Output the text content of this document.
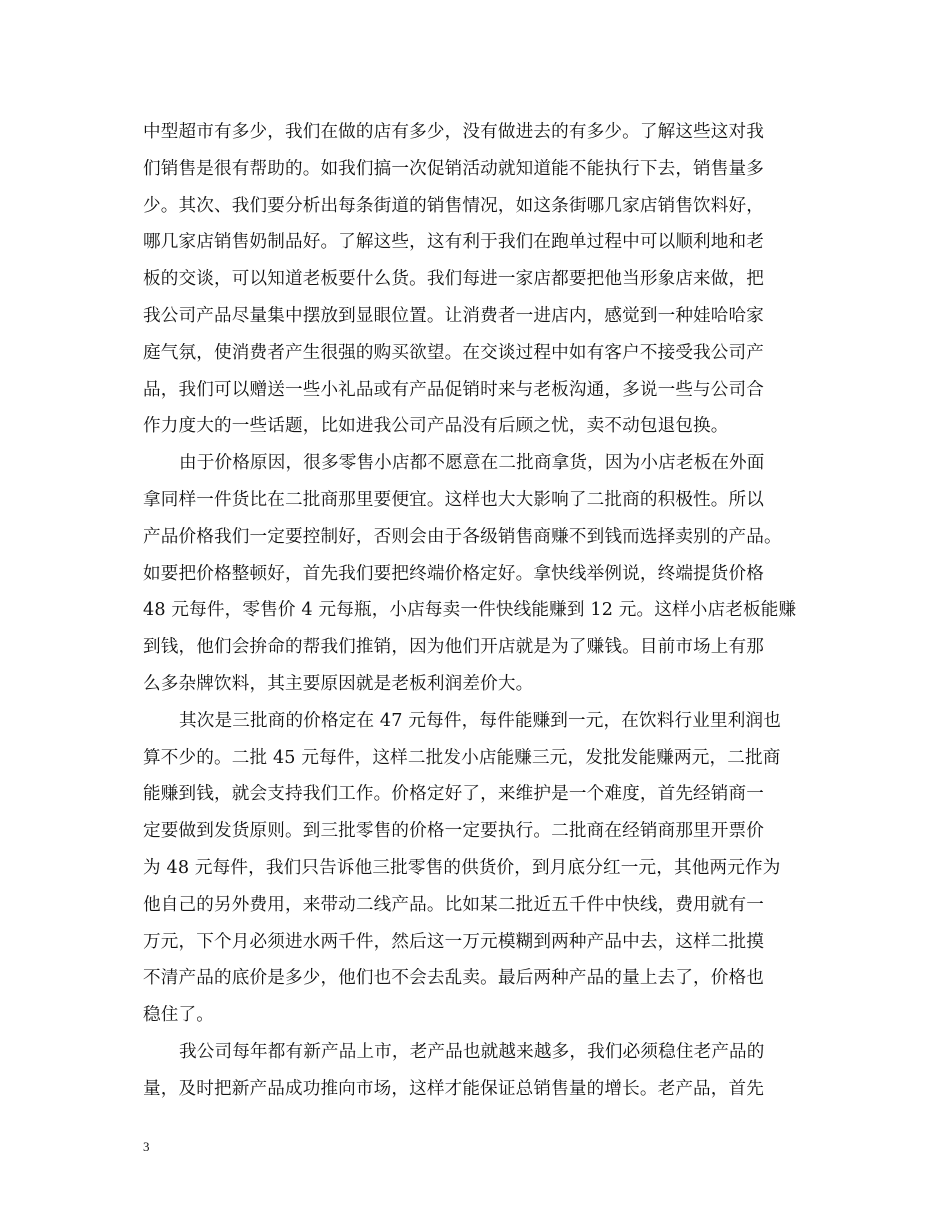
中型超市有多少，我们在做的店有多少，没有做进去的有多少。了解这些这对我
们销售是很有帮助的。如我们搞一次促销活动就知道能不能执行下去，销售量多
少。其次、我们要分析出每条街道的销售情况，如这条街哪几家店销售饮料好，
哪几家店销售奶制品好。了解这些，这有利于我们在跑单过程中可以顺利地和老
板的交谈，可以知道老板要什么货。我们每进一家店都要把他当形象店来做，把
我公司产品尽量集中摆放到显眼位置。让消费者一进店内，感觉到一种娃哈哈家
庭气氛，使消费者产生很强的购买欲望。在交谈过程中如有客户不接受我公司产
品，我们可以赠送一些小礼品或有产品促销时来与老板沟通，多说一些与公司合
作力度大的一些话题，比如进我公司产品没有后顾之忧，卖不动包退包换。
由于价格原因，很多零售小店都不愿意在二批商拿货，因为小店老板在外面
拿同样一件货比在二批商那里要便宜。这样也大大影响了二批商的积极性。所以
产品价格我们一定要控制好，否则会由于各级销售商赚不到钱而选择卖别的产品。
如要把价格整顿好，首先我们要把终端价格定好。拿快线举例说，终端提货价格
48 元每件，零售价 4 元每瓶，小店每卖一件快线能赚到 12 元。这样小店老板能赚
到钱，他们会拚命的帮我们推销，因为他们开店就是为了赚钱。目前市场上有那
么多杂牌饮料，其主要原因就是老板利润差价大。
其次是三批商的价格定在 47 元每件，每件能赚到一元，在饮料行业里利润也
算不少的。二批 45 元每件，这样二批发小店能赚三元，发批发能赚两元，二批商
能赚到钱，就会支持我们工作。价格定好了，来维护是一个难度，首先经销商一
定要做到发货原则。到三批零售的价格一定要执行。二批商在经销商那里开票价
为 48 元每件，我们只告诉他三批零售的供货价，到月底分红一元，其他两元作为
他自己的另外费用，来带动二线产品。比如某二批近五千件中快线，费用就有一
万元，下个月必须进水两千件，然后这一万元模糊到两种产品中去，这样二批摸
不清产品的底价是多少，他们也不会去乱卖。最后两种产品的量上去了，价格也
稳住了。
我公司每年都有新产品上市，老产品也就越来越多，我们必须稳住老产品的
量，及时把新产品成功推向市场，这样才能保证总销售量的增长。老产品，首先
3
